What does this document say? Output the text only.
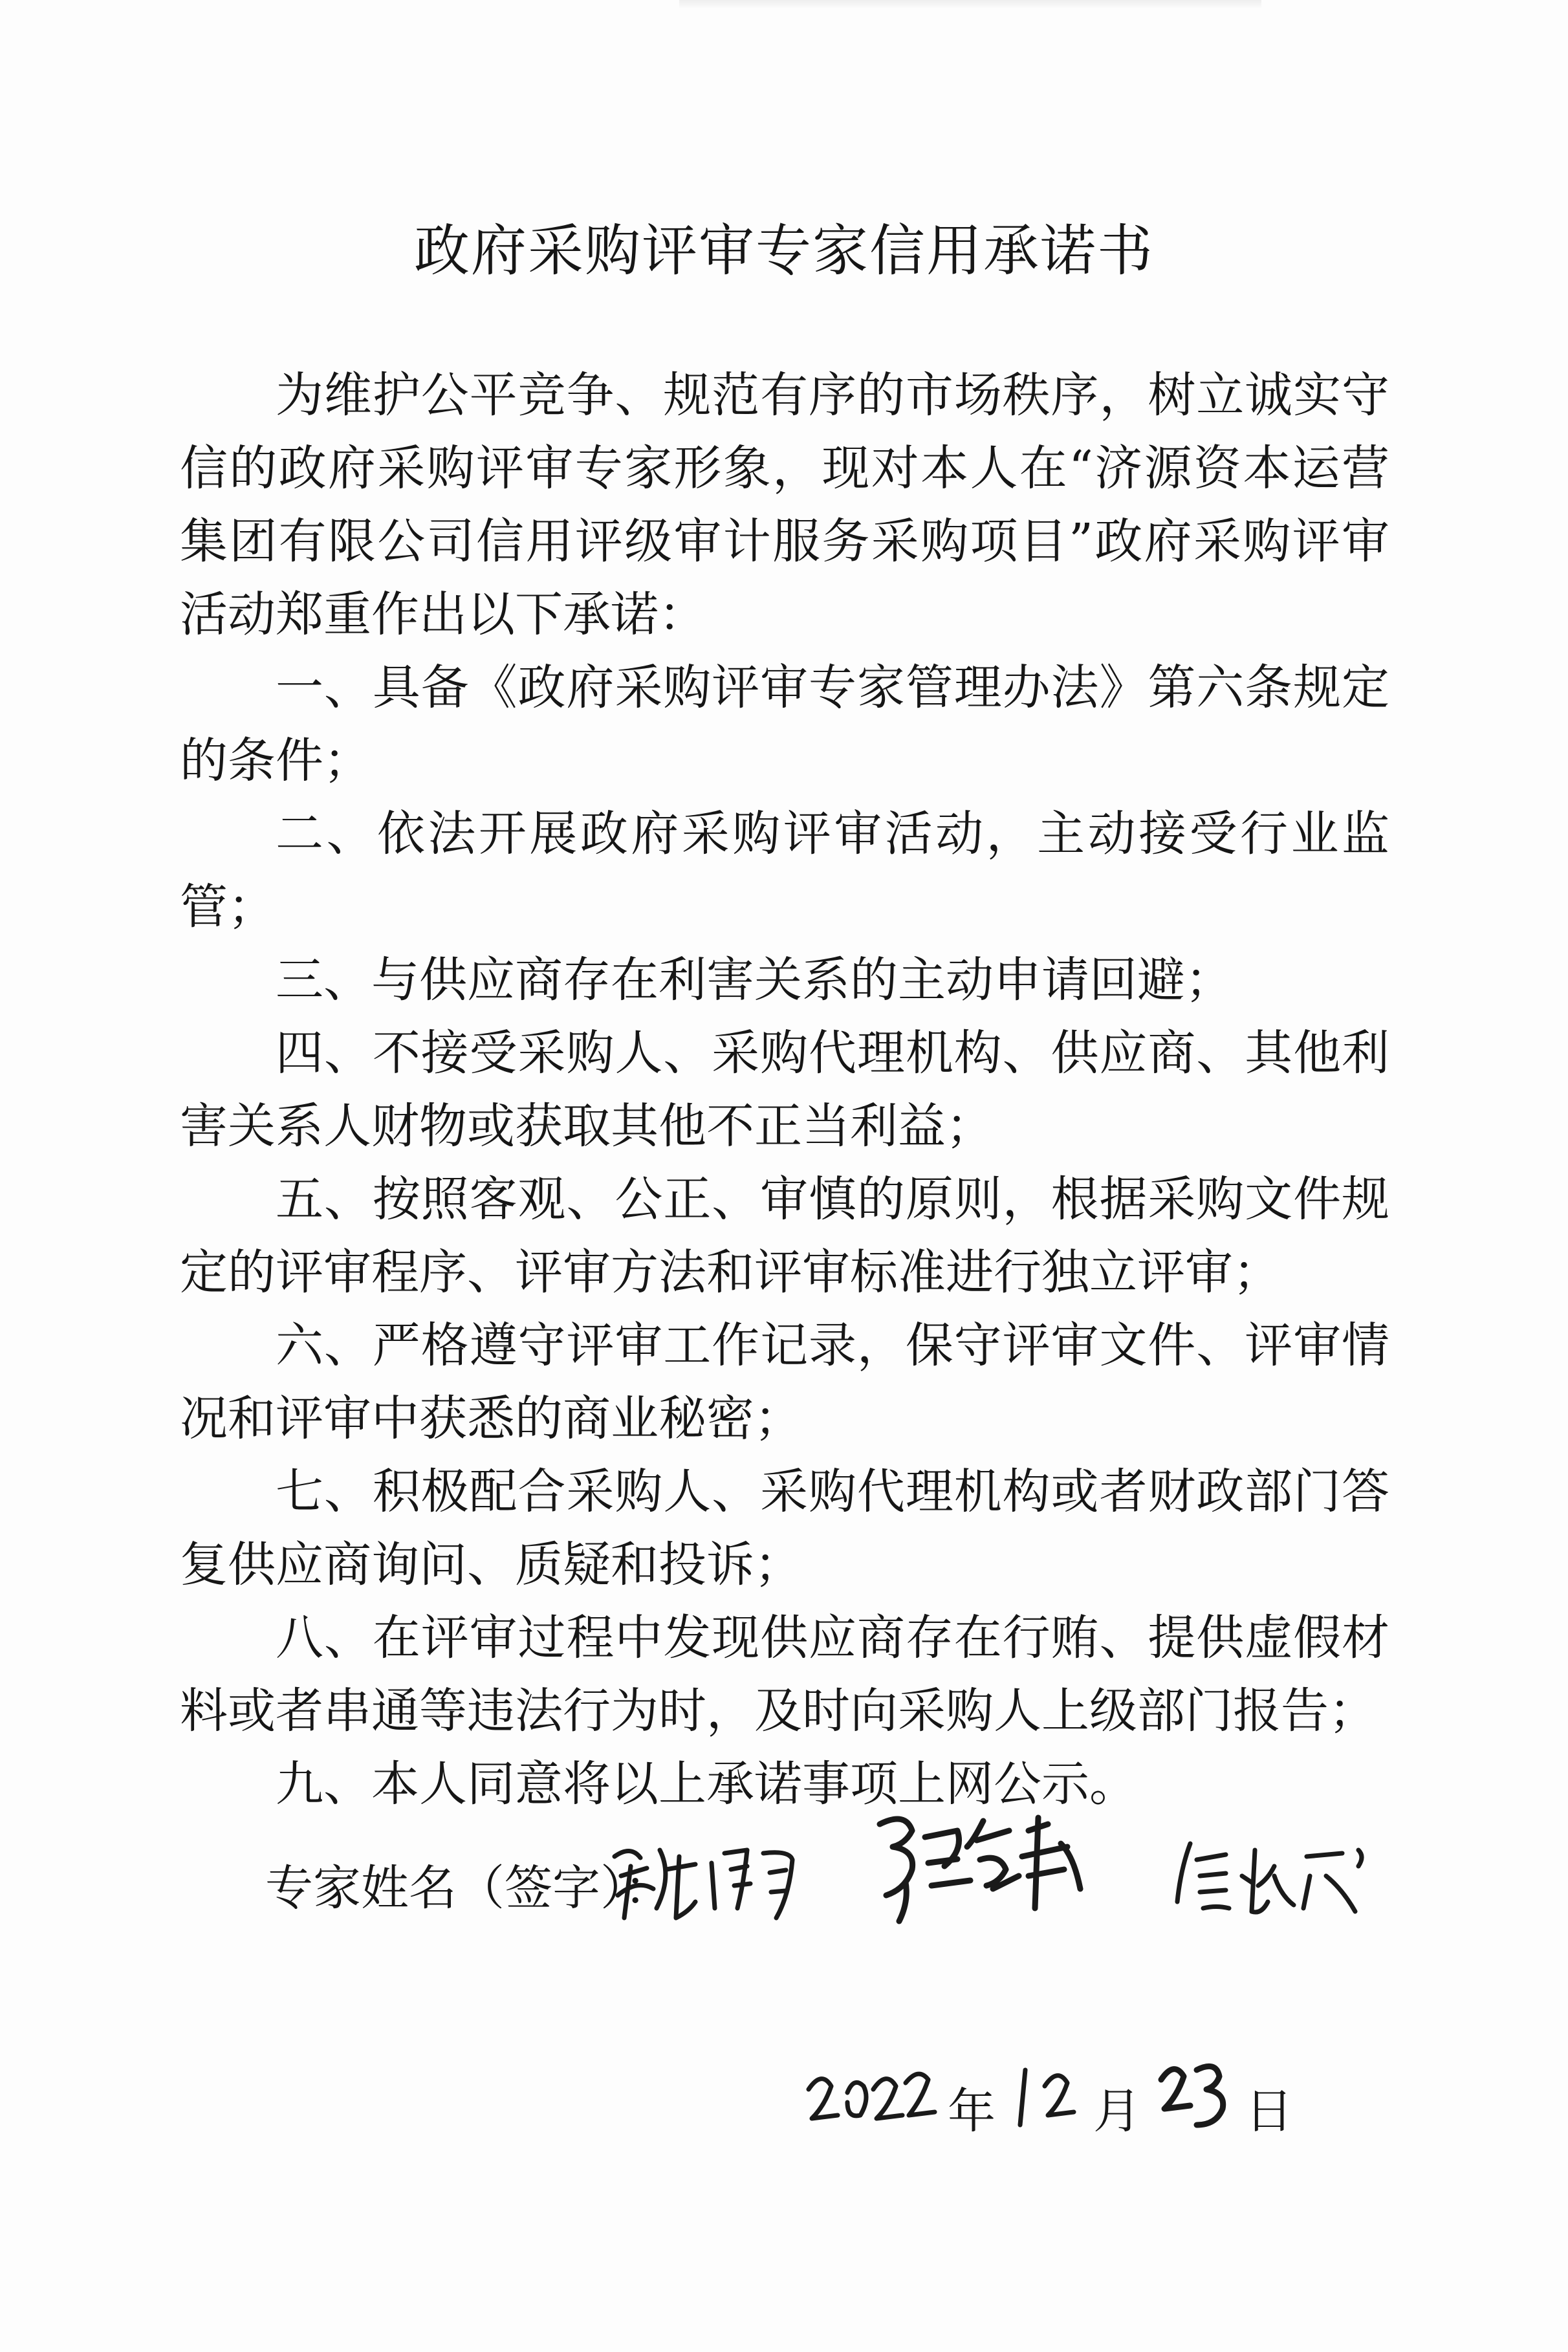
政府采购评审专家信用承诺书

为维护公平竞争、规范有序的市场秩序，树立诚实守信的政府采购评审专家形象，现对本人在“济源资本运营集团有限公司信用评级审计服务采购项目”政府采购评审活动郑重作出以下承诺：

一、具备《政府采购评审专家管理办法》第六条规定的条件；

二、依法开展政府采购评审活动，主动接受行业监管；

三、与供应商存在利害关系的主动申请回避；

四、不接受采购人、采购代理机构、供应商、其他利害关系人财物或获取其他不正当利益；

五、按照客观、公正、审慎的原则，根据采购文件规定的评审程序、评审方法和评审标准进行独立评审；

六、严格遵守评审工作记录，保守评审文件、评审情况和评审中获悉的商业秘密；

七、积极配合采购人、采购代理机构或者财政部门答复供应商询问、质疑和投诉；

八、在评审过程中发现供应商存在行贿、提供虚假材料或者串通等违法行为时，及时向采购人上级部门报告；

九、本人同意将以上承诺事项上网公示。

专家姓名（签字）：
年 月 日
